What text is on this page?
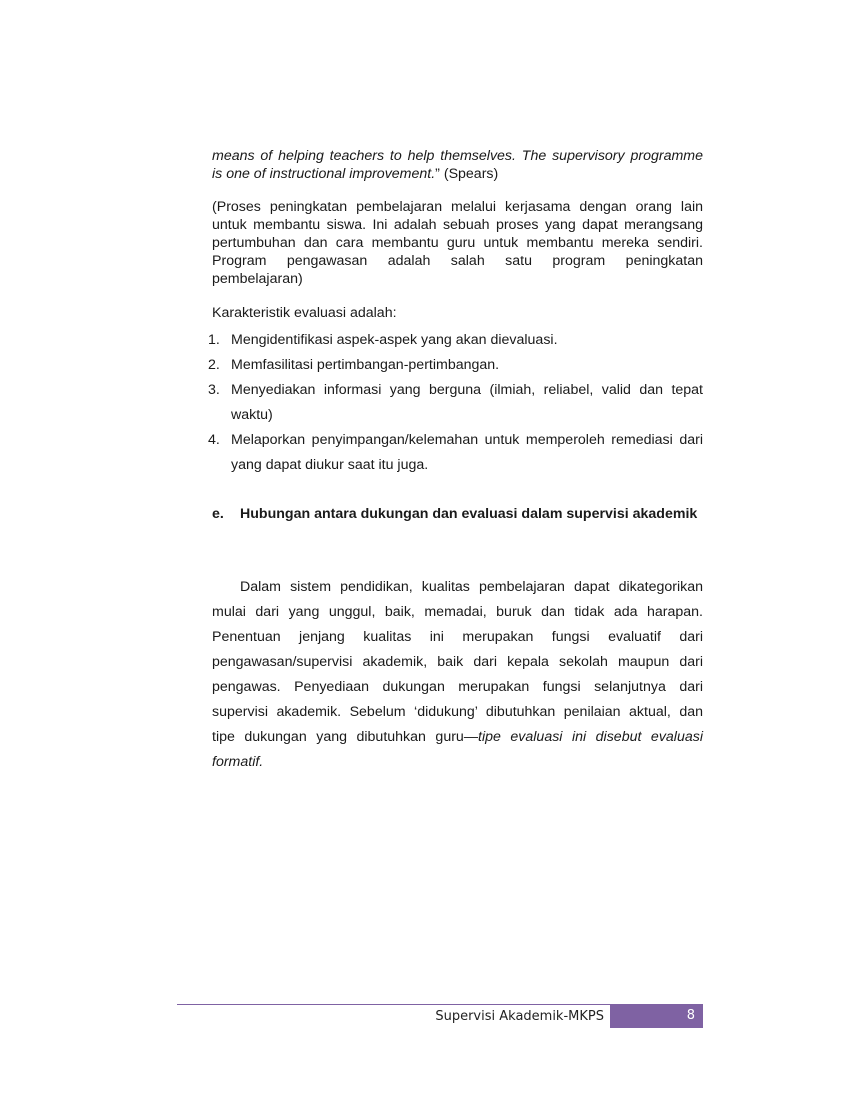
means of helping teachers to help themselves. The supervisory programme
is one of instructional improvement.” (Spears)
(Proses peningkatan pembelajaran melalui kerjasama dengan orang lain
untuk membantu siswa. Ini adalah sebuah proses yang dapat merangsang
pertumbuhan dan cara membantu guru untuk membantu mereka sendiri.
Program pengawasan adalah salah satu program peningkatan
pembelajaran)
Karakteristik evaluasi adalah:
1. Mengidentifikasi aspek-aspek yang akan dievaluasi.
2. Memfasilitasi pertimbangan-pertimbangan.
3. Menyediakan informasi yang berguna (ilmiah, reliabel, valid dan tepat waktu)
4. Melaporkan penyimpangan/kelemahan untuk memperoleh remediasi dari yang dapat diukur saat itu juga.
e. Hubungan antara dukungan dan evaluasi dalam supervisi akademik
Dalam sistem pendidikan, kualitas pembelajaran dapat dikategorikan
mulai dari yang unggul, baik, memadai, buruk dan tidak ada harapan.
Penentuan jenjang kualitas ini merupakan fungsi evaluatif dari
pengawasan/supervisi akademik, baik dari kepala sekolah maupun dari
pengawas. Penyediaan dukungan merupakan fungsi selanjutnya dari
supervisi akademik. Sebelum ‘didukung’ dibutuhkan penilaian aktual, dan
tipe dukungan yang dibutuhkan guru—tipe evaluasi ini disebut evaluasi
formatif.
Supervisi Akademik-MKPS	8
